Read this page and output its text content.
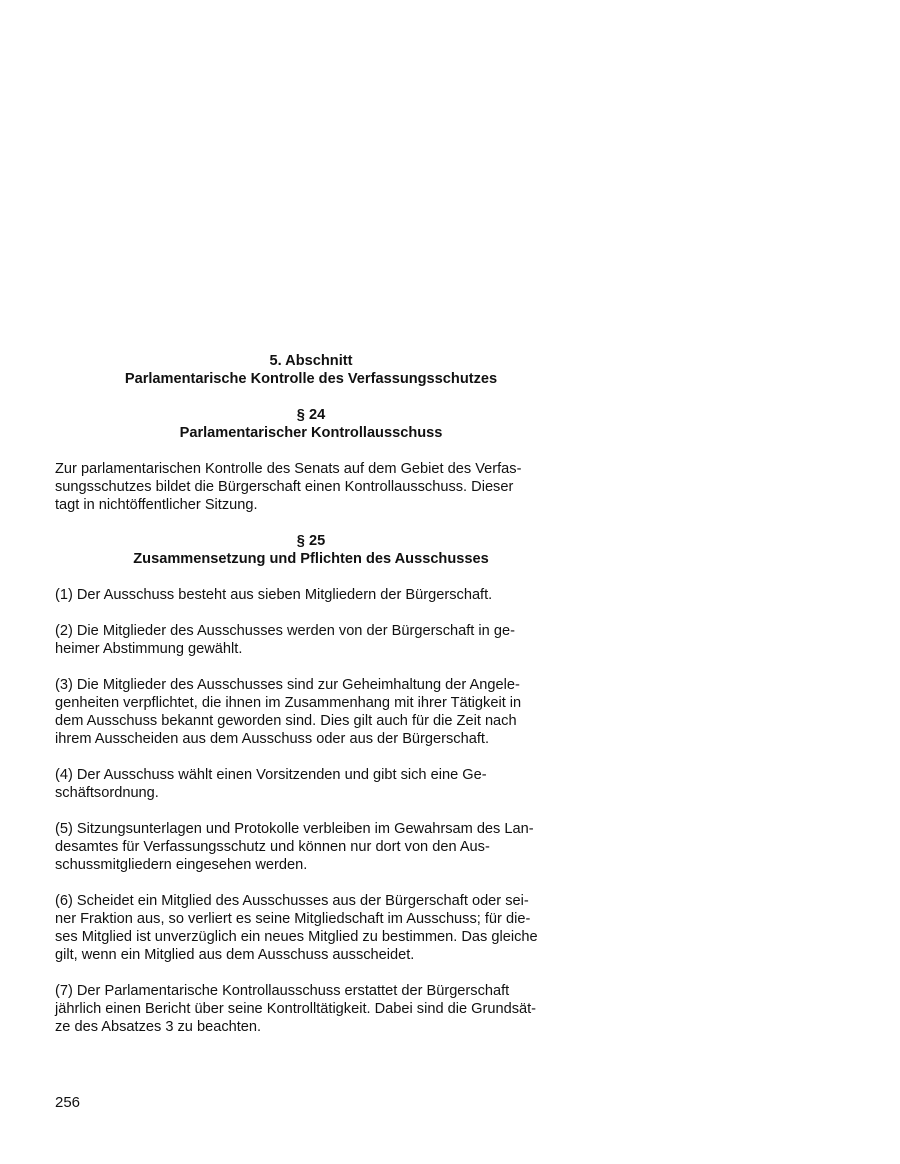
5. Abschnitt
Parlamentarische Kontrolle des Verfassungsschutzes
§ 24
Parlamentarischer Kontrollausschuss

Zur parlamentarischen Kontrolle des Senats auf dem Gebiet des Verfas-
sungsschutzes bildet die Bürgerschaft einen Kontrollausschuss. Dieser
tagt in nichtöffentlicher Sitzung.

§ 25
Zusammensetzung und Pflichten des Ausschusses

(1) Der Ausschuss besteht aus sieben Mitgliedern der Bürgerschaft.

(2) Die Mitglieder des Ausschusses werden von der Bürgerschaft in ge-
heimer Abstimmung gewählt.

(3) Die Mitglieder des Ausschusses sind zur Geheimhaltung der Angele-
genheiten verpflichtet, die ihnen im Zusammenhang mit ihrer Tätigkeit in
dem Ausschuss bekannt geworden sind. Dies gilt auch für die Zeit nach
ihrem Ausscheiden aus dem Ausschuss oder aus der Bürgerschaft.

(4) Der Ausschuss wählt einen Vorsitzenden und gibt sich eine Ge-
schäftsordnung.

(5) Sitzungsunterlagen und Protokolle verbleiben im Gewahrsam des Lan-
desamtes für Verfassungsschutz und können nur dort von den Aus-
schussmitgliedern eingesehen werden.

(6) Scheidet ein Mitglied des Ausschusses aus der Bürgerschaft oder sei-
ner Fraktion aus, so verliert es seine Mitgliedschaft im Ausschuss; für die-
ses Mitglied ist unverzüglich ein neues Mitglied zu bestimmen. Das gleiche
gilt, wenn ein Mitglied aus dem Ausschuss ausscheidet.

(7) Der Parlamentarische Kontrollausschuss erstattet der Bürgerschaft
jährlich einen Bericht über seine Kontrolltätigkeit. Dabei sind die Grundsät-
ze des Absatzes 3 zu beachten.

256
